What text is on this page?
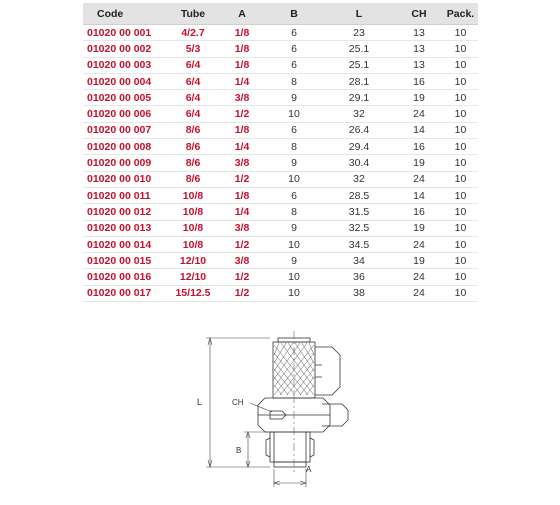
Code	Tube	A	B	L	CH	Pack.
01020 00 001	4/2.7	1/8	6	23	13	10
01020 00 002	5/3	1/8	6	25.1	13	10
01020 00 003	6/4	1/8	6	25.1	13	10
01020 00 004	6/4	1/4	8	28.1	16	10
01020 00 005	6/4	3/8	9	29.1	19	10
01020 00 006	6/4	1/2	10	32	24	10
01020 00 007	8/6	1/8	6	26.4	14	10
01020 00 008	8/6	1/4	8	29.4	16	10
01020 00 009	8/6	3/8	9	30.4	19	10
01020 00 010	8/6	1/2	10	32	24	10
01020 00 011	10/8	1/8	6	28.5	14	10
01020 00 012	10/8	1/4	8	31.5	16	10
01020 00 013	10/8	3/8	9	32.5	19	10
01020 00 014	10/8	1/2	10	34.5	24	10
01020 00 015	12/10	3/8	9	34	19	10
01020 00 016	12/10	1/2	10	36	24	10
01020 00 017	15/12.5	1/2	10	38	24	10
L	CH
B
A
